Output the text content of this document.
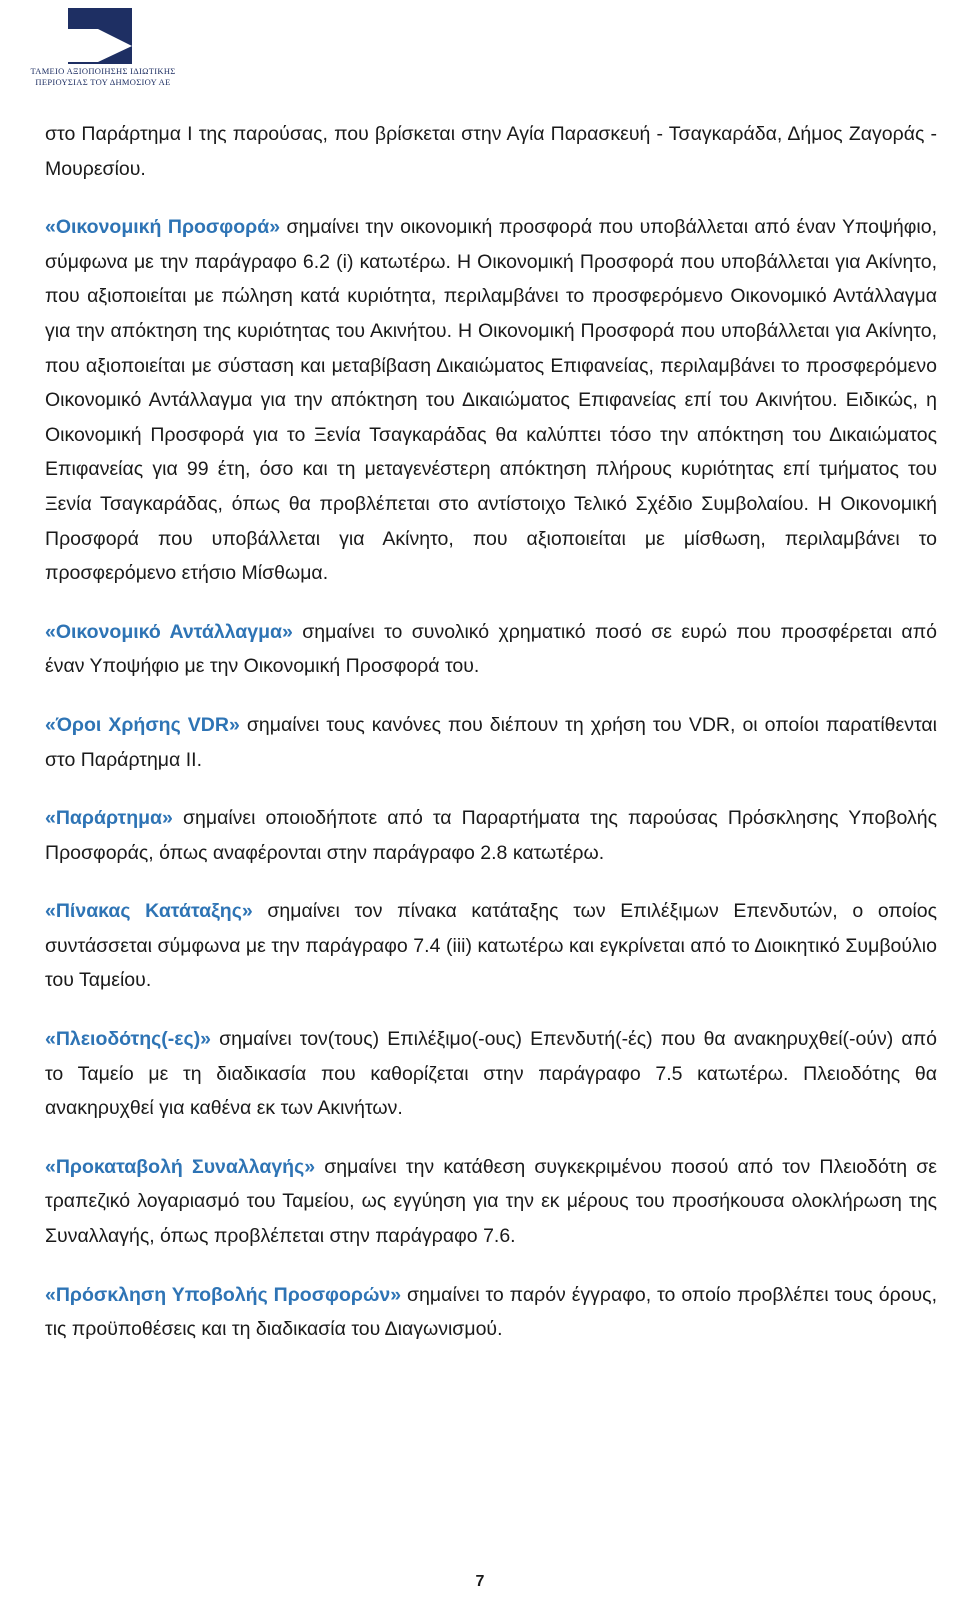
ΤΑΜΕΙΟ ΑΞΙΟΠΟΙΗΣΗΣ ΙΔΙΩΤΙΚΗΣ
ΠΕΡΙΟΥΣΙΑΣ ΤΟΥ ΔΗΜΟΣΙΟΥ ΑΕ

στο Παράρτημα Ι της παρούσας, που βρίσκεται στην Αγία Παρασκευή - Τσαγκαράδα, Δήμος Ζαγοράς - Μουρεσίου.

«Οικονομική Προσφορά» σημαίνει την οικονομική προσφορά που υποβάλλεται από έναν Υποψήφιο, σύμφωνα με την παράγραφο 6.2 (i) κατωτέρω. Η Οικονομική Προσφορά που υποβάλλεται για Ακίνητο, που αξιοποιείται με πώληση κατά κυριότητα, περιλαμβάνει το προσφερόμενο Οικονομικό Αντάλλαγμα για την απόκτηση της κυριότητας του Ακινήτου. Η Οικονομική Προσφορά που υποβάλλεται για Ακίνητο, που αξιοποιείται με σύσταση και μεταβίβαση Δικαιώματος Επιφανείας, περιλαμβάνει το προσφερόμενο Οικονομικό Αντάλλαγμα για την απόκτηση του Δικαιώματος Επιφανείας επί του Ακινήτου. Ειδικώς, η Οικονομική Προσφορά για το Ξενία Τσαγκαράδας θα καλύπτει τόσο την απόκτηση του Δικαιώματος Επιφανείας για 99 έτη, όσο και τη μεταγενέστερη απόκτηση πλήρους κυριότητας επί τμήματος του Ξενία Τσαγκαράδας, όπως θα προβλέπεται στο αντίστοιχο Τελικό Σχέδιο Συμβολαίου. Η Οικονομική Προσφορά που υποβάλλεται για Ακίνητο, που αξιοποιείται με μίσθωση, περιλαμβάνει το προσφερόμενο ετήσιο Μίσθωμα.

«Οικονομικό Αντάλλαγμα» σημαίνει το συνολικό χρηματικό ποσό σε ευρώ που προσφέρεται από έναν Υποψήφιο με την Οικονομική Προσφορά του.

«Όροι Χρήσης VDR» σημαίνει τους κανόνες που διέπουν τη χρήση του VDR, οι οποίοι παρατίθενται στο Παράρτημα ΙΙ.

«Παράρτημα» σημαίνει οποιοδήποτε από τα Παραρτήματα της παρούσας Πρόσκλησης Υποβολής Προσφοράς, όπως αναφέρονται στην παράγραφο 2.8 κατωτέρω.

«Πίνακας Κατάταξης» σημαίνει τον πίνακα κατάταξης των Επιλέξιμων Επενδυτών, ο οποίος συντάσσεται σύμφωνα με την παράγραφο 7.4 (iii) κατωτέρω και εγκρίνεται από το Διοικητικό Συμβούλιο του Ταμείου.

«Πλειοδότης(-ες)» σημαίνει τον(τους) Επιλέξιμο(-ους) Επενδυτή(-ές) που θα ανακηρυχθεί(-ούν) από το Ταμείο με τη διαδικασία που καθορίζεται στην παράγραφο 7.5 κατωτέρω. Πλειοδότης θα ανακηρυχθεί για καθένα εκ των Ακινήτων.

«Προκαταβολή Συναλλαγής» σημαίνει την κατάθεση συγκεκριμένου ποσού από τον Πλειοδότη σε τραπεζικό λογαριασμό του Ταμείου, ως εγγύηση για την εκ μέρους του προσήκουσα ολοκλήρωση της Συναλλαγής, όπως προβλέπεται στην παράγραφο 7.6.

«Πρόσκληση Υποβολής Προσφορών» σημαίνει το παρόν έγγραφο, το οποίο προβλέπει τους όρους, τις προϋποθέσεις και τη διαδικασία του Διαγωνισμού.

7
